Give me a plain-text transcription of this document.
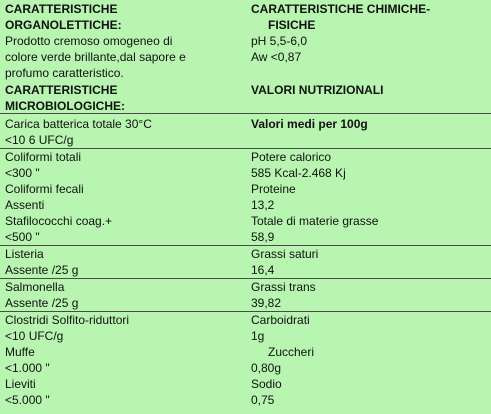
CARATTERISTICHE
ORGANOLETTICHE:
CARATTERISTICHE CHIMICHE-
FISICHE
Prodotto cremoso omogeneo di
colore verde brillante,dal sapore e
profumo caratteristico.
pH 5,5-6,0
Aw <0,87
CARATTERISTICHE
MICROBIOLOGICHE:
VALORI NUTRIZIONALI
Carica batterica totale 30°C
<10 6 UFC/g
Valori medi per 100g
Coliformi totali
<300 "
Potere calorico
585 Kcal-2.468 Kj
Coliformi fecali
Assenti
Proteine
13,2
Stafilococchi coag.+
<500 "
Totale di materie grasse
58,9
Listeria
Assente /25 g
Grassi saturi
16,4
Salmonella
Assente /25 g
Grassi trans
39,82
Clostridi Solfito-riduttori
<10 UFC/g
Carboidrati
1g
Muffe
<1.000 "
Zuccheri
0,80g
Lieviti
<5.000 "
Sodio
0,75
